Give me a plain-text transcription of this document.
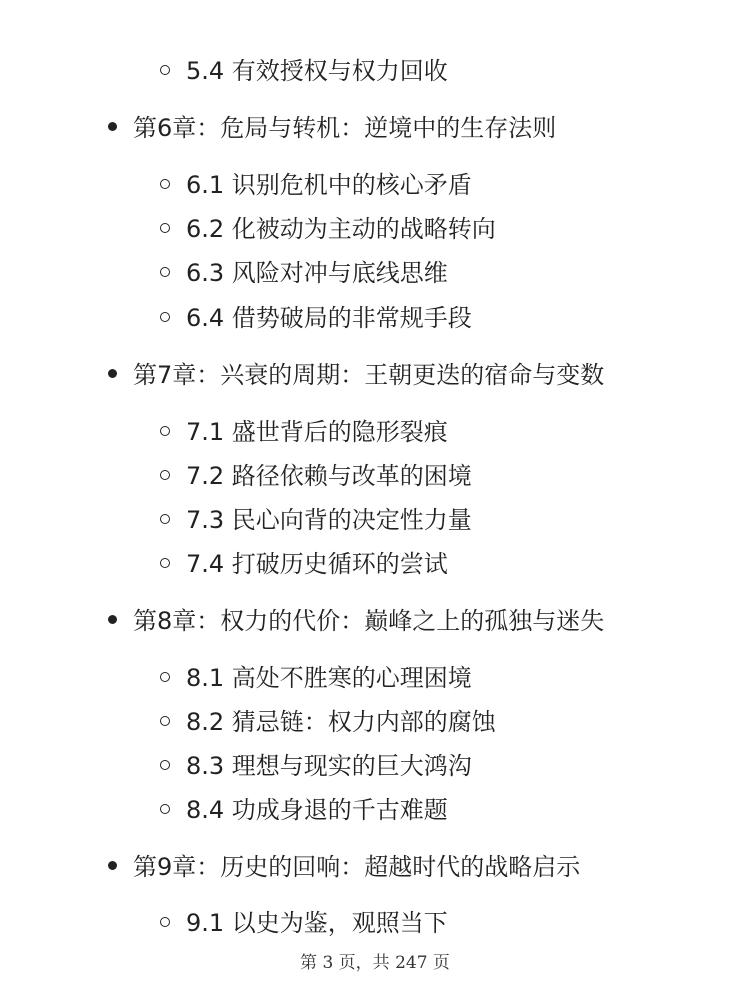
5.4 有效授权与权力回收
第6章：危局与转机：逆境中的生存法则
6.1 识别危机中的核心矛盾
6.2 化被动为主动的战略转向
6.3 风险对冲与底线思维
6.4 借势破局的非常规手段
第7章：兴衰的周期：王朝更迭的宿命与变数
7.1 盛世背后的隐形裂痕
7.2 路径依赖与改革的困境
7.3 民心向背的决定性力量
7.4 打破历史循环的尝试
第8章：权力的代价：巅峰之上的孤独与迷失
8.1 高处不胜寒的心理困境
8.2 猜忌链：权力内部的腐蚀
8.3 理想与现实的巨大鸿沟
8.4 功成身退的千古难题
第9章：历史的回响：超越时代的战略启示
9.1 以史为鉴，观照当下
第 3 页，共 247 页
